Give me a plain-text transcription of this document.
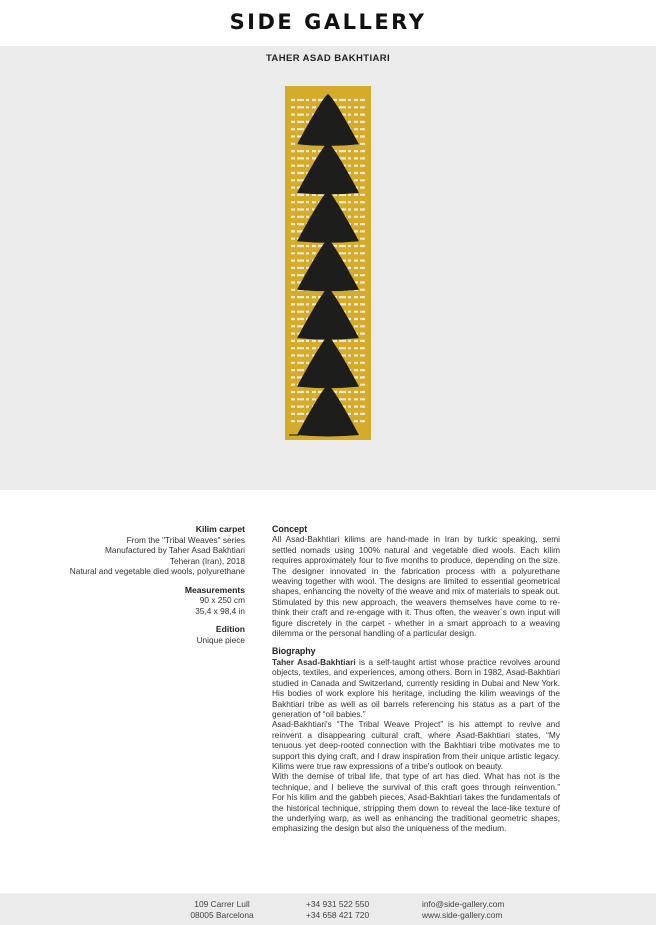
SIDE GALLERY
TAHER ASAD BAKHTIARI
Kilim carpet
From the "Tribal Weaves" series
Manufactured by Taher Asad Bakhtiari
Teheran (Iran), 2018
Natural and vegetable died wools, polyurethane
Measurements
90 x 250 cm
35,4 x 98,4 in
Edition
Unique piece
Concept

All Asad-Bakhtiari kilims are hand-made in Iran by turkic speaking, semi settled nomads using 100% natural and vegetable died wools. Each kilim requires approximately four to five months to produce, depending on the size. The designer innovated in the fabrication process with a polyurethane weaving together with wool. The designs are limited to essential geometrical shapes, enhancing the novelty of the weave and mix of materials to speak out. Stimulated by this new approach, the weavers themselves have come to re-think their craft and re-engage with it. Thus often, the weaver´s own input will figure discretely in the carpet - whether in a smart approach to a weaving dilemma or the personal handling of a particular design.

Biography

Taher Asad-Bakhtiari is a self-taught artist whose practice revolves around objects, textiles, and experiences, among others. Born in 1982, Asad-Bakhtiari studied in Canada and Switzerland, currently residing in Dubai and New York. His bodies of work explore his heritage, including the kilim weavings of the Bakhtiari tribe as well as oil barrels referencing his status as a part of the generation of “oil babies.”

Asad-Bakhtiari's “The Tribal Weave Project” is his attempt to revive and reinvent a disappearing cultural craft, where Asad-Bakhtiari states, “My tenuous yet deep-rooted connection with the Bakhtiari tribe motivates me to support this dying craft, and I draw inspiration from their unique artistic legacy. Kilims were true raw expressions of a tribe's outlook on beauty.

With the demise of tribal life, that type of art has died. What has not is the technique, and I believe the survival of this craft goes through reinvention.” For his kilim and the gabbeh pieces, Asad-Bakhtiari takes the fundamentals of the historical technique, stripping them down to reveal the lace-like texture of the underlying warp, as well as enhancing the traditional geometric shapes, emphasizing the design but also the uniqueness of the medium.

109 Carrer Lull
08005 Barcelona
+34 931 522 550
+34 658 421 720
info@side-gallery.com
www.side-gallery.com
